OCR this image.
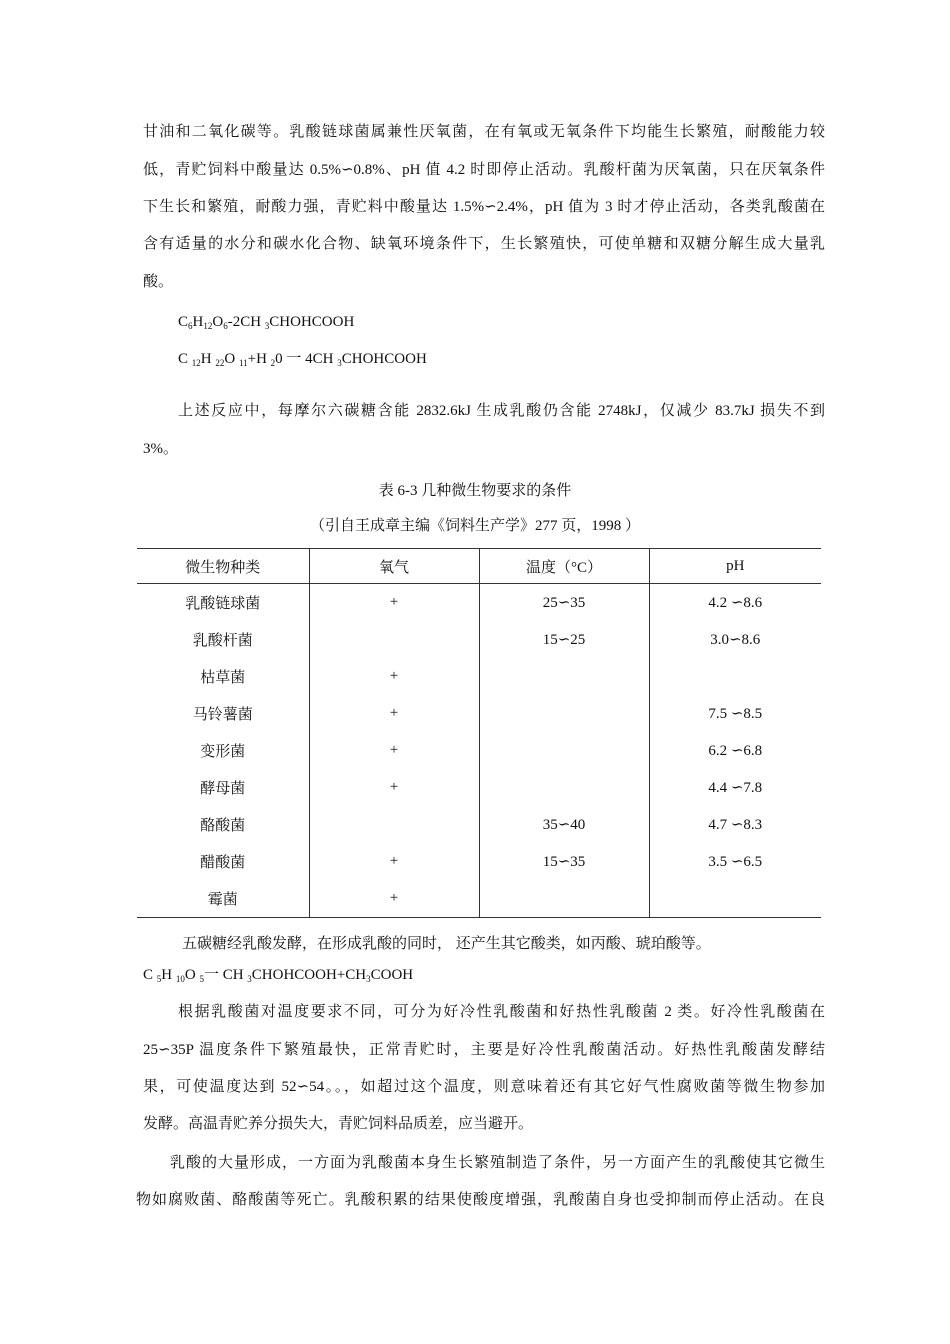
甘油和二氧化碳等。乳酸链球菌属兼性厌氧菌，在有氧或无氧条件下均能生长繁殖，耐酸能力较
低，青贮饲料中酸量达 0.5%∽0.8%、pH 值 4.2 时即停止活动。乳酸杆菌为厌氧菌，只在厌氧条件
下生长和繁殖，耐酸力强，青贮料中酸量达 1.5%∽2.4%，pH 值为 3 时才停止活动，各类乳酸菌在
含有适量的水分和碳水化合物、缺氧环境条件下，生长繁殖快，可使单糖和双糖分解生成大量乳
酸。
$C_6H_{12}O_6-2CH$ $_3$CHOHCOOH
C $_{12}$H $_{22}$O $_{11}$+H $_2$0 一 4CH $_3$CHOHCOOH
上述反应中，每摩尔六碳糖含能 2832.6kJ 生成乳酸仍含能 2748kJ，仅减少 83.7kJ 损失不到
3%。
表 6-3 几种微生物要求的条件
（引自王成章主编《饲料生产学》277 页，1998 ）
微生物种类	氧气	温度（°C）	pH
乳酸链球菌	+	25∽35	4.2 ∽8.6
乳酸杆菌		15∽25	3.0∽8.6
枯草菌	+		
马铃薯菌	+		7.5 ∽8.5
变形菌	+		6.2 ∽6.8
酵母菌	+		4.4 ∽7.8
酪酸菌		35∽40	4.7 ∽8.3
醋酸菌	+	15∽35	3.5 ∽6.5
霉菌	+		
五碳糖经乳酸发酵，在形成乳酸的同时， 还产生其它酸类，如丙酸、琥珀酸等。
C $_5$H $_{10}$O $_5$一 CH $_3CHOHCOOH+CH_3COOH$
根据乳酸菌对温度要求不同，可分为好冷性乳酸菌和好热性乳酸菌 2 类。好冷性乳酸菌在
25∽35P 温度条件下繁殖最快，正常青贮时，主要是好冷性乳酸菌活动。好热性乳酸菌发酵结
果，可使温度达到 52∽54。。，如超过这个温度，则意味着还有其它好气性腐败菌等微生物参加
发酵。高温青贮养分损失大，青贮饲料品质差，应当避开。
乳酸的大量形成，一方面为乳酸菌本身生长繁殖制造了条件，另一方面产生的乳酸使其它微生
物如腐败菌、酪酸菌等死亡。乳酸积累的结果使酸度增强，乳酸菌自身也受抑制而停止活动。在良
